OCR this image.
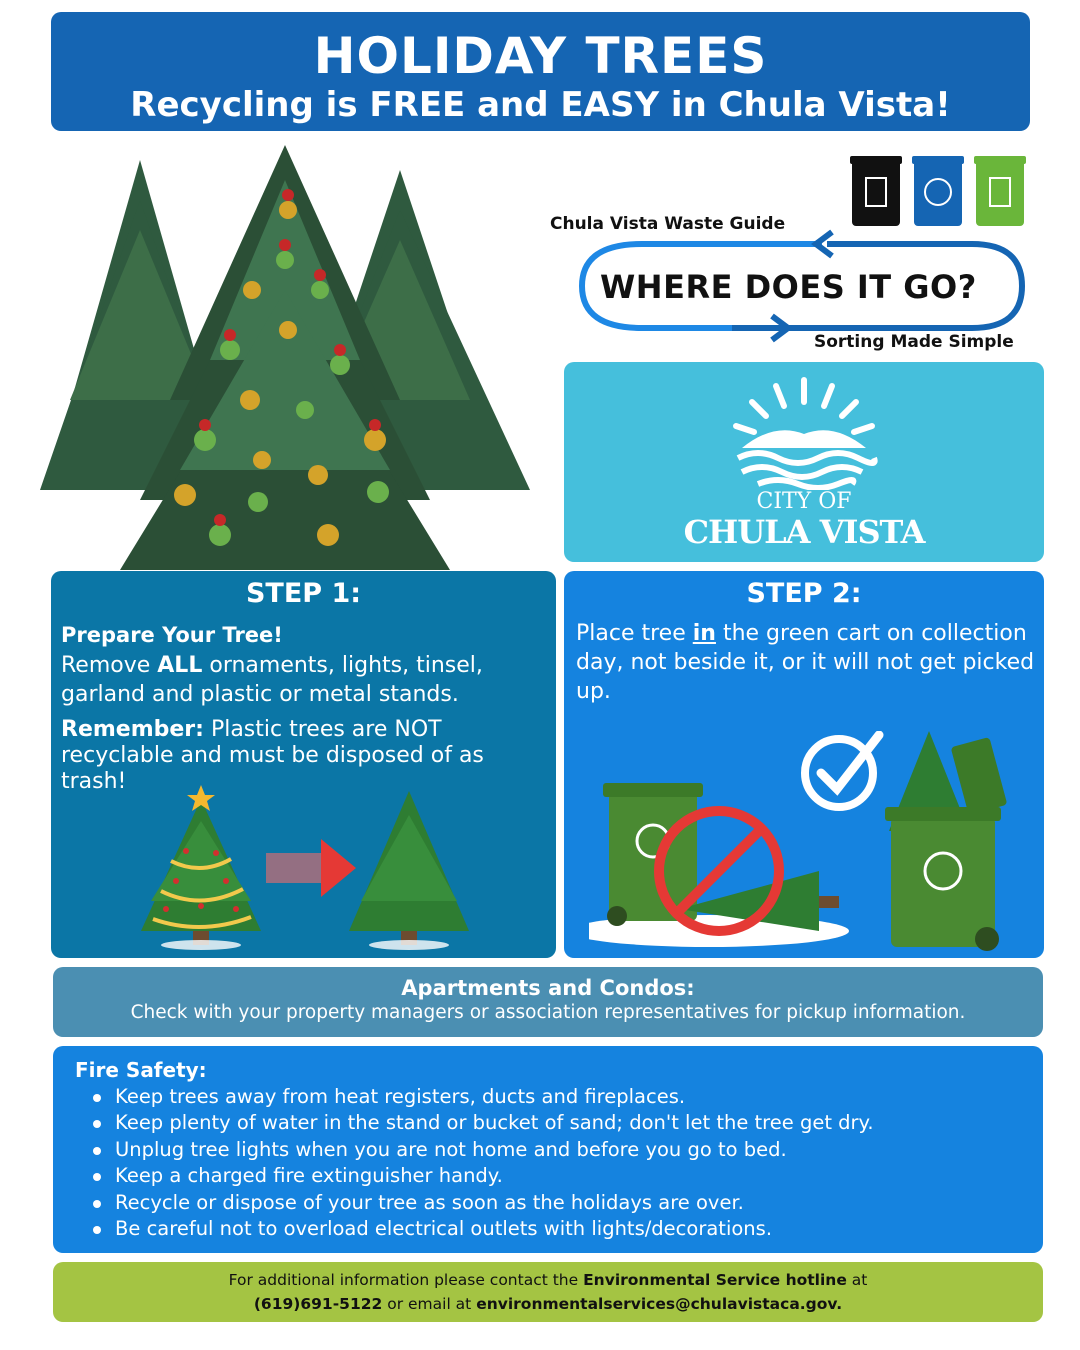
HOLIDAY TREES
Recycling is FREE and EASY in Chula Vista!
Chula Vista Waste Guide
WHERE DOES IT GO?
Sorting Made Simple
CITY OF
CHULA VISTA
STEP 1:
Prepare Your Tree!
Remove ALL ornaments, lights, tinsel, garland and plastic or metal stands.
Remember: Plastic trees are NOT recyclable and must be disposed of as trash!
STEP 2:
Place tree in the green cart on collection day, not beside it, or it will not get picked up.
Apartments and Condos:
Check with your property managers or association representatives for pickup information.
Fire Safety:
Keep trees away from heat registers, ducts and fireplaces.
Keep plenty of water in the stand or bucket of sand; don't let the tree get dry.
Unplug tree lights when you are not home and before you go to bed.
Keep a charged fire extinguisher handy.
Recycle or dispose of your tree as soon as the holidays are over.
Be careful not to overload electrical outlets with lights/decorations.
For additional information please contact the Environmental Service hotline at
(619)691-5122 or email at environmentalservices@chulavistaca.gov.
